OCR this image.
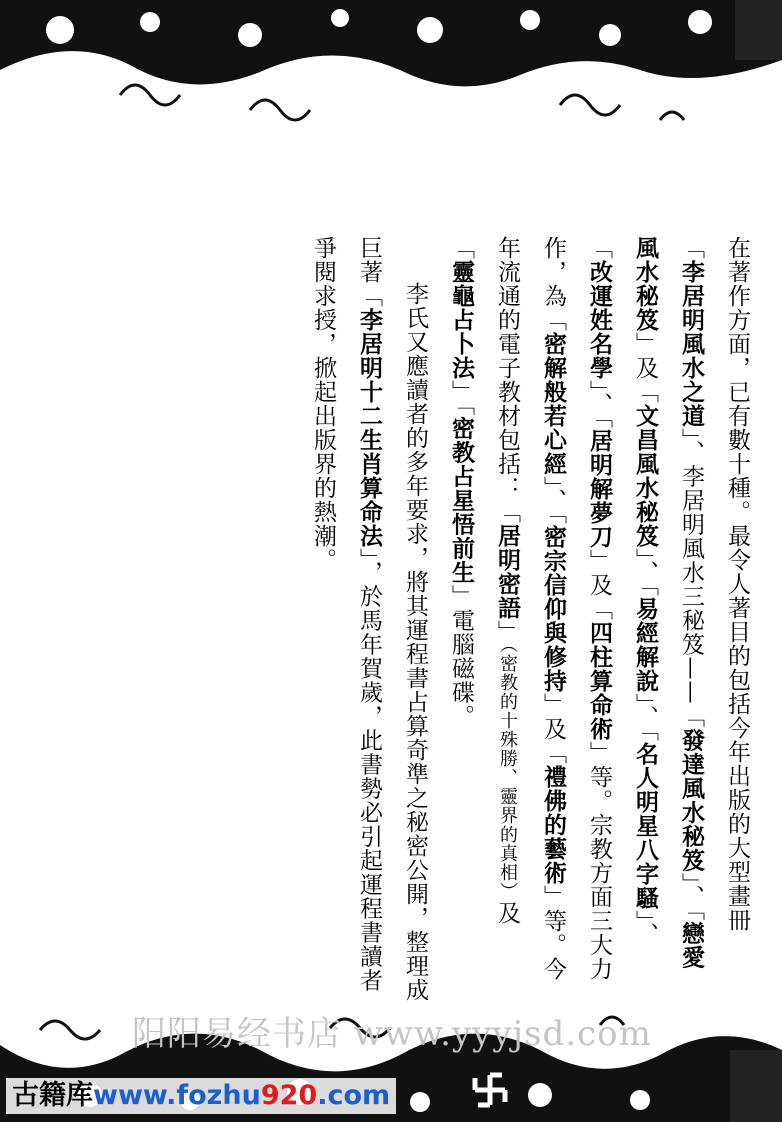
在著作方面，已有數十種。最令人著目的包括今年出版的大型畫冊
「李居明風水之道」、李居明風水三秘笈——「發達風水秘笈」、「戀愛
風水秘笈」及「文昌風水秘笈」、「易經解說」、「名人明星八字騷」、
「改運姓名學」、「居明解夢刀」及「四柱算命術」等。宗教方面三大力
作，為「密解般若心經」、「密宗信仰與修持」及「禮佛的藝術」等。今
年流通的電子教材包括：「居明密語」（密教的十殊勝、靈界的真相）及
「靈龜占卜法」「密教占星悟前生」電腦磁碟。
李氏又應讀者的多年要求，將其運程書占算奇準之秘密公開，整理成
巨著「李居明十二生肖算命法」，於馬年賀歲，此書勢必引起運程書讀者
爭閱求授，掀起出版界的熱潮。
阳阳易经书店 www.yyyjsd.com
古籍库www.fozhu920.com
